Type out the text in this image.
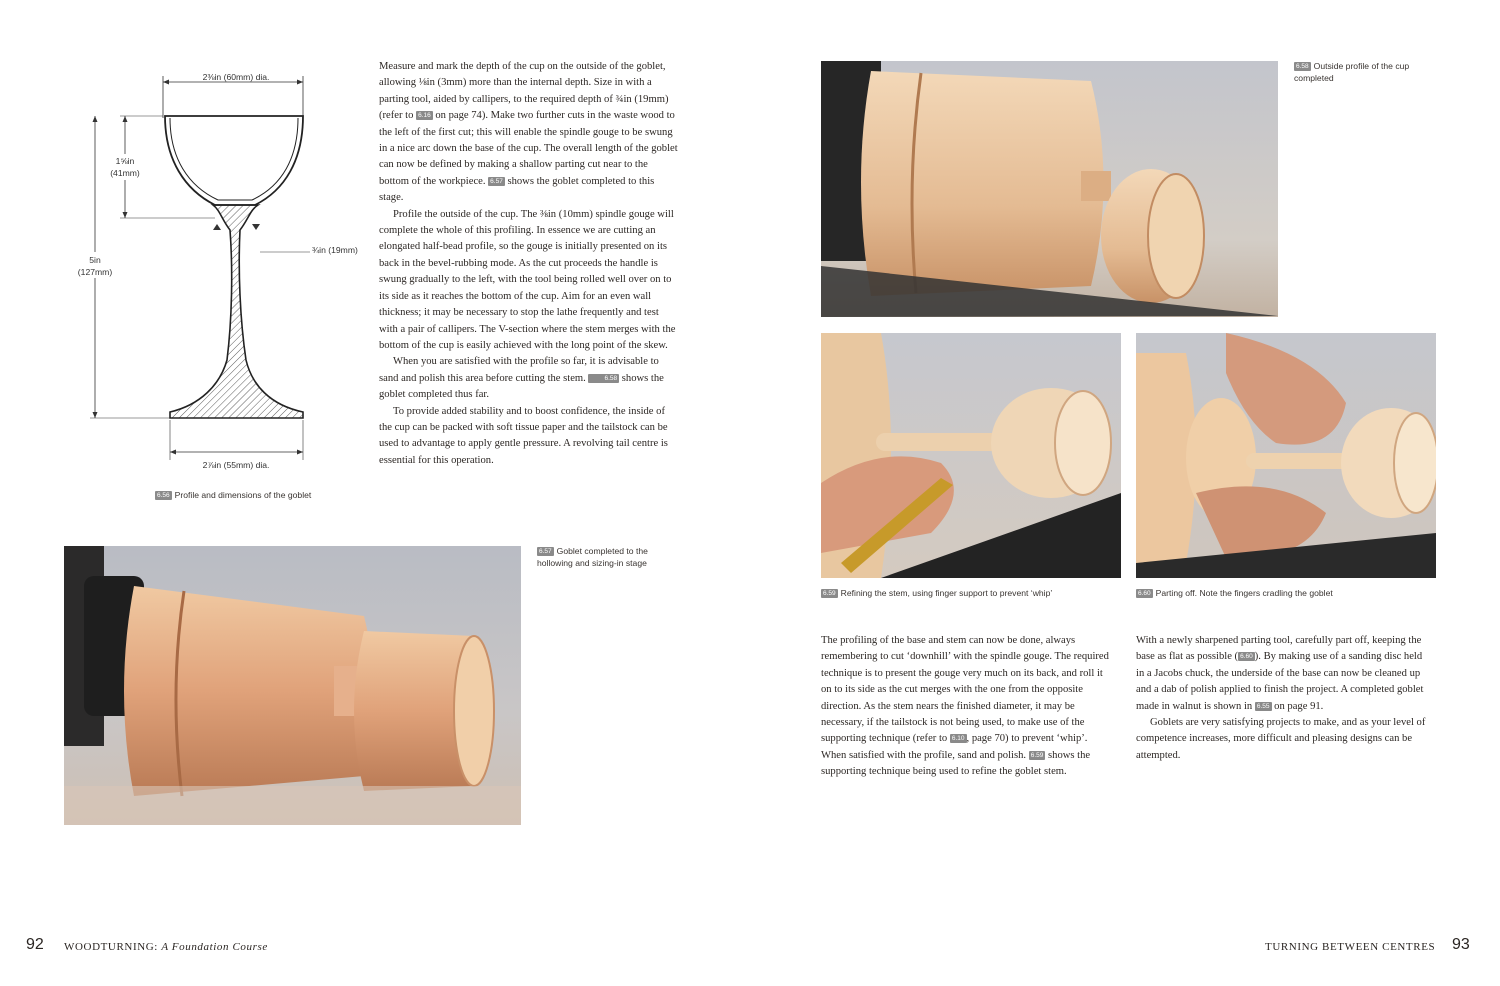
2⅜in (60mm) dia.
1⅝in
(41mm)
5in
(127mm)
¾in (19mm)
2⅞in (55mm) dia.
6.56 Profile and dimensions of the goblet

Measure and mark the depth of the cup on the outside of the goblet, allowing ⅛in (3mm) more than the internal depth. Size in with a parting tool, aided by callipers, to the required depth of ¾in (19mm) (refer to 6.16 on page 74). Make two further cuts in the waste wood to the left of the first cut; this will enable the spindle gouge to be swung in a nice arc down the base of the cup. The overall length of the goblet can now be defined by making a shallow parting cut near to the bottom of the workpiece. 6.57 shows the goblet completed to this stage.

Profile the outside of the cup. The ⅜in (10mm) spindle gouge will complete the whole of this profiling. In essence we are cutting an elongated half-bead profile, so the gouge is initially presented on its back in the bevel-rubbing mode. As the cut proceeds the handle is swung gradually to the left, with the tool being rolled well over on to its side as it reaches the bottom of the cup. Aim for an even wall thickness; it may be necessary to stop the lathe frequently and test with a pair of callipers. The V-section where the stem merges with the bottom of the cup is easily achieved with the long point of the skew.

When you are satisfied with the profile so far, it is advisable to sand and polish this area before cutting the stem. 6.58 shows the goblet completed thus far.

To provide added stability and to boost confidence, the inside of the cup can be packed with soft tissue paper and the tailstock can be used to advantage to apply gentle pressure. A revolving tail centre is essential for this operation.

6.57 Goblet completed to the hollowing and sizing-in stage
92 WOODTURNING: A Foundation Course
6.58 Outside profile of the cup completed
6.59 Refining the stem, using finger support to prevent ‘whip’	6.60 Parting off. Note the fingers cradling the goblet

The profiling of the base and stem can now be done, always remembering to cut ‘downhill’ with the spindle gouge. The required technique is to present the gouge very much on its back, and roll it on to its side as the cut merges with the one from the opposite direction. As the stem nears the finished diameter, it may be necessary, if the tailstock is not being used, to make use of the supporting technique (refer to 6.10 , page 70) to prevent ‘whip’. When satisfied with the profile, sand and polish. 6.59 shows the supporting technique being used to refine the goblet stem.

With a newly sharpened parting tool, carefully part off, keeping the base as flat as possible ( 6.60 ). By making use of a sanding disc held in a Jacobs chuck, the underside of the base can now be cleaned up and a dab of polish applied to finish the project. A completed goblet made in walnut is shown in 6.55 on page 91.

Goblets are very satisfying projects to make, and as your level of competence increases, more difficult and pleasing designs can be attempted.

TURNING BETWEEN CENTRES 93
